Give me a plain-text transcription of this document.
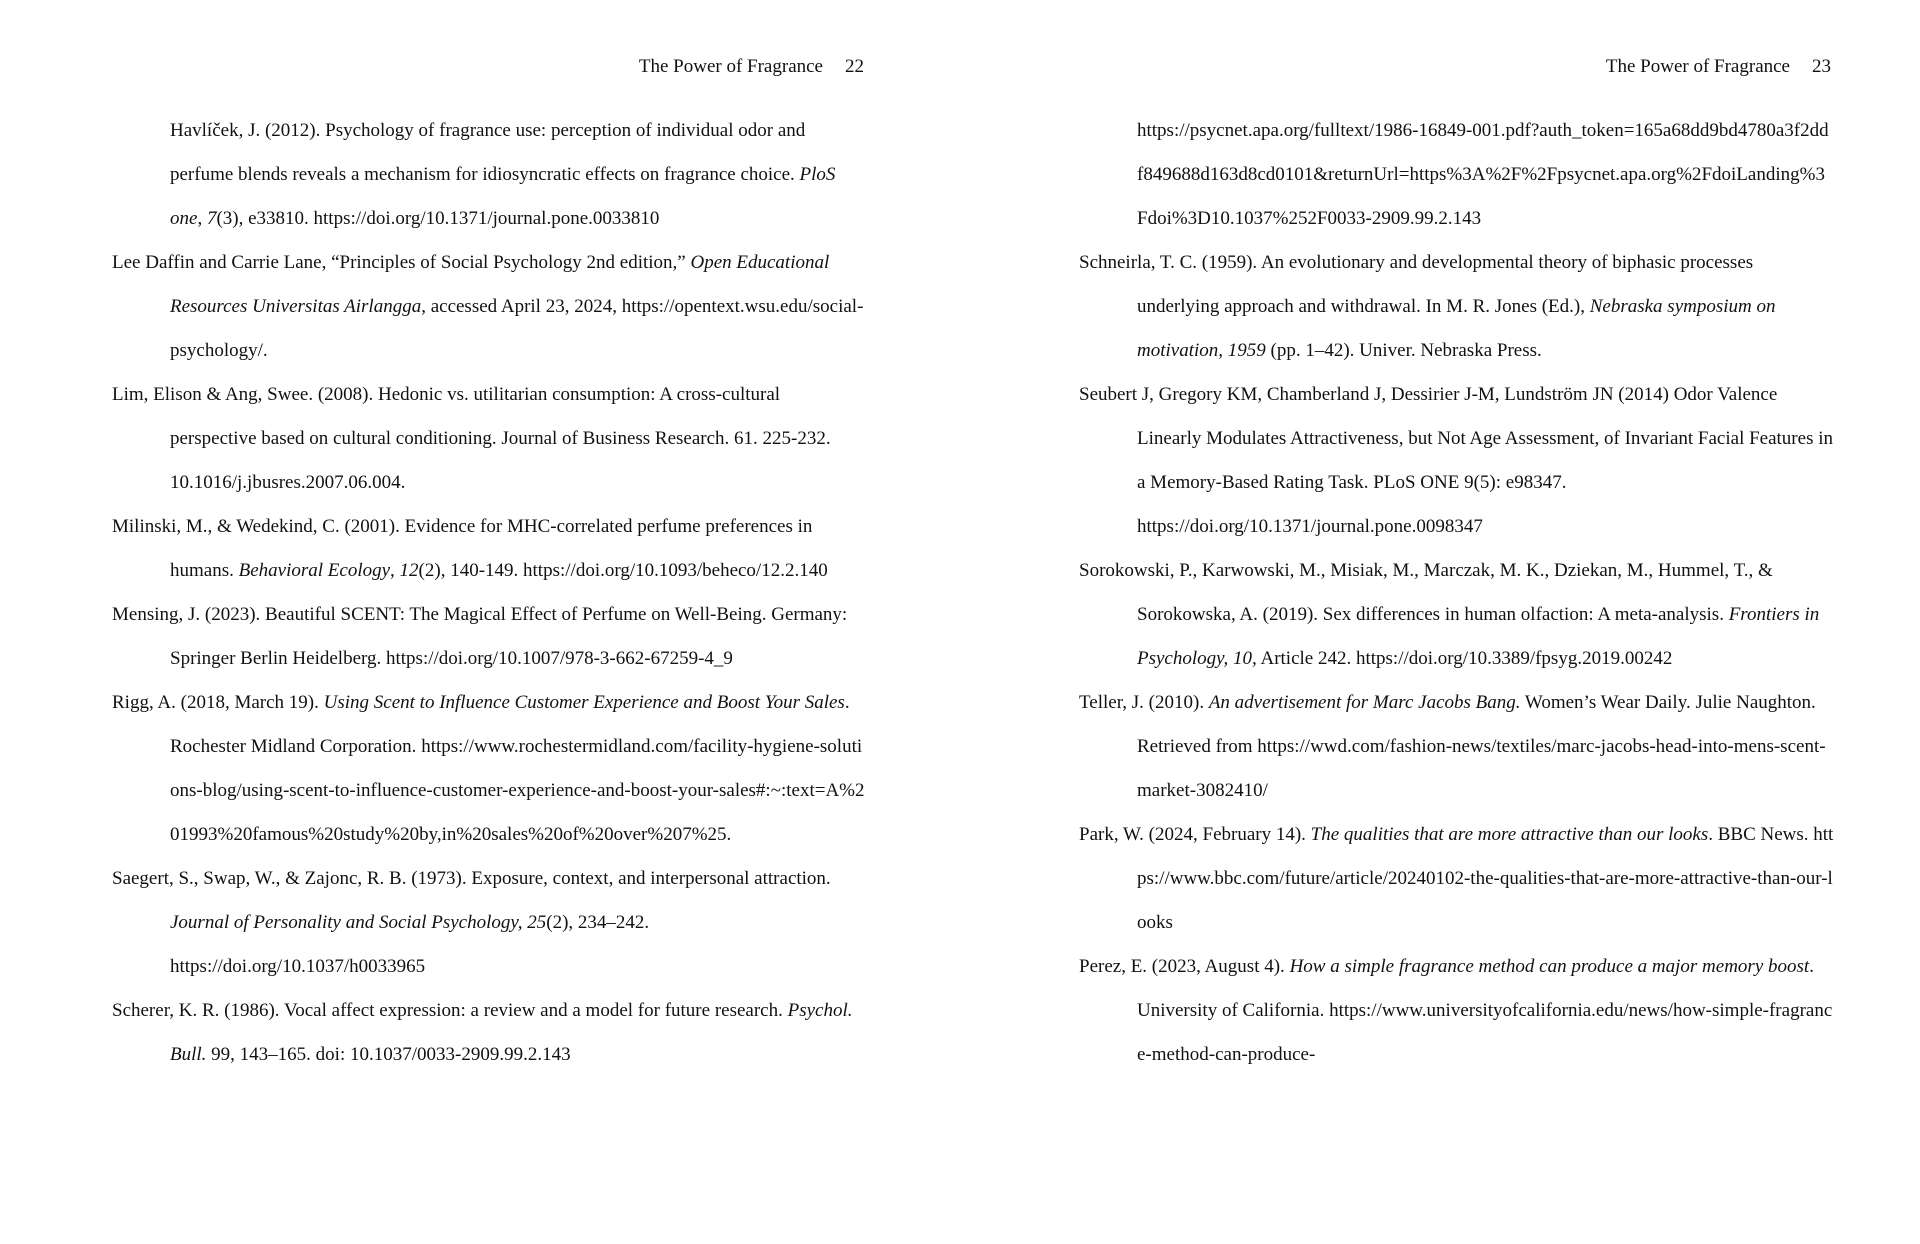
The Power of Fragrance 22

Havlíček, J. (2012). Psychology of fragrance use: perception of individual odor and perfume blends reveals a mechanism for idiosyncratic effects on fragrance choice. PloS one, 7(3), e33810. https://doi.org/10.1371/journal.pone.0033810

Lee Daffin and Carrie Lane, “Principles of Social Psychology 2nd edition,” Open Educational Resources Universitas Airlangga, accessed April 23, 2024, https://opentext.wsu.edu/social-psychology/.

Lim, Elison & Ang, Swee. (2008). Hedonic vs. utilitarian consumption: A cross-cultural perspective based on cultural conditioning. Journal of Business Research. 61. 225-232. 10.1016/j.jbusres.2007.06.004.

Milinski, M., & Wedekind, C. (2001). Evidence for MHC-correlated perfume preferences in humans. Behavioral Ecology, 12(2), 140-149. https://doi.org/10.1093/beheco/12.2.140

Mensing, J. (2023). Beautiful SCENT: The Magical Effect of Perfume on Well-Being. Germany: Springer Berlin Heidelberg. https://doi.org/10.1007/978-3-662-67259-4_9

Rigg, A. (2018, March 19). Using Scent to Influence Customer Experience and Boost Your Sales. Rochester Midland Corporation. https://www.rochestermidland.com/facility-hygiene-solutions-blog/using-scent-to-influence-customer-experience-and-boost-your-sales#:~:text=A%201993%20famous%20study%20by,in%20sales%20of%20over%207%25.

Saegert, S., Swap, W., & Zajonc, R. B. (1973). Exposure, context, and interpersonal attraction. Journal of Personality and Social Psychology, 25(2), 234–242. https://doi.org/10.1037/h0033965

Scherer, K. R. (1986). Vocal affect expression: a review and a model for future research. Psychol. Bull. 99, 143–165. doi: 10.1037/0033-2909.99.2.143

The Power of Fragrance 23

https://psycnet.apa.org/fulltext/1986-16849-001.pdf?auth_token=165a68dd9bd4780a3f2ddf849688d163d8cd0101&returnUrl=https%3A%2F%2Fpsycnet.apa.org%2FdoiLanding%3Fdoi%3D10.1037%252F0033-2909.99.2.143

Schneirla, T. C. (1959). An evolutionary and developmental theory of biphasic processes underlying approach and withdrawal. In M. R. Jones (Ed.), Nebraska symposium on motivation, 1959 (pp. 1–42). Univer. Nebraska Press.

Seubert J, Gregory KM, Chamberland J, Dessirier J-M, Lundström JN (2014) Odor Valence Linearly Modulates Attractiveness, but Not Age Assessment, of Invariant Facial Features in a Memory-Based Rating Task. PLoS ONE 9(5): e98347. https://doi.org/10.1371/journal.pone.0098347

Sorokowski, P., Karwowski, M., Misiak, M., Marczak, M. K., Dziekan, M., Hummel, T., & Sorokowska, A. (2019). Sex differences in human olfaction: A meta-analysis. Frontiers in Psychology, 10, Article 242. https://doi.org/10.3389/fpsyg.2019.00242

Teller, J. (2010). An advertisement for Marc Jacobs Bang. Women’s Wear Daily. Julie Naughton. Retrieved from https://wwd.com/fashion-news/textiles/marc-jacobs-head-into-mens-scent-market-3082410/

Park, W. (2024, February 14). The qualities that are more attractive than our looks. BBC News. https://www.bbc.com/future/article/20240102-the-qualities-that-are-more-attractive-than-our-looks

Perez, E. (2023, August 4). How a simple fragrance method can produce a major memory boost. University of California. https://www.universityofcalifornia.edu/news/how-simple-fragrance-method-can-produce-
